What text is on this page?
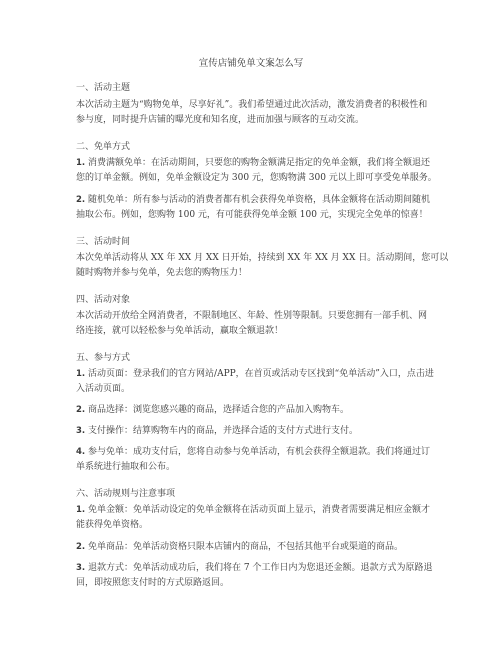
宣传店铺免单文案怎么写
一、活动主题
本次活动主题为“购物免单，尽享好礼”。我们希望通过此次活动，激发消费者的积极性和
参与度，同时提升店铺的曝光度和知名度，进而加强与顾客的互动交流。
二、免单方式
1. 消费满额免单：在活动期间，只要您的购物金额满足指定的免单金额，我们将全额退还
您的订单金额。例如，免单金额设定为 300 元，您购物满 300 元以上即可享受免单服务。
2. 随机免单：所有参与活动的消费者都有机会获得免单资格，具体金额将在活动期间随机
抽取公布。例如，您购物 100 元，有可能获得免单金额 100 元，实现完全免单的惊喜！
三、活动时间
本次免单活动将从 XX 年 XX 月 XX 日开始，持续到 XX 年 XX 月 XX 日。活动期间，您可以
随时购物并参与免单，免去您的购物压力！
四、活动对象
本次活动开放给全网消费者，不限制地区、年龄、性别等限制。只要您拥有一部手机、网
络连接，就可以轻松参与免单活动，赢取全额退款！
五、参与方式
1. 活动页面：登录我们的官方网站/APP，在首页或活动专区找到“免单活动”入口，点击进
入活动页面。
2. 商品选择：浏览您感兴趣的商品，选择适合您的产品加入购物车。
3. 支付操作：结算购物车内的商品，并选择合适的支付方式进行支付。
4. 参与免单：成功支付后，您将自动参与免单活动，有机会获得全额退款。我们将通过订
单系统进行抽取和公布。
六、活动规则与注意事项
1. 免单金额：免单活动设定的免单金额将在活动页面上显示，消费者需要满足相应金额才
能获得免单资格。
2. 免单商品：免单活动资格只限本店铺内的商品，不包括其他平台或渠道的商品。
3. 退款方式：免单活动成功后，我们将在 7 个工作日内为您退还金额。退款方式为原路退
回，即按照您支付时的方式原路返回。
